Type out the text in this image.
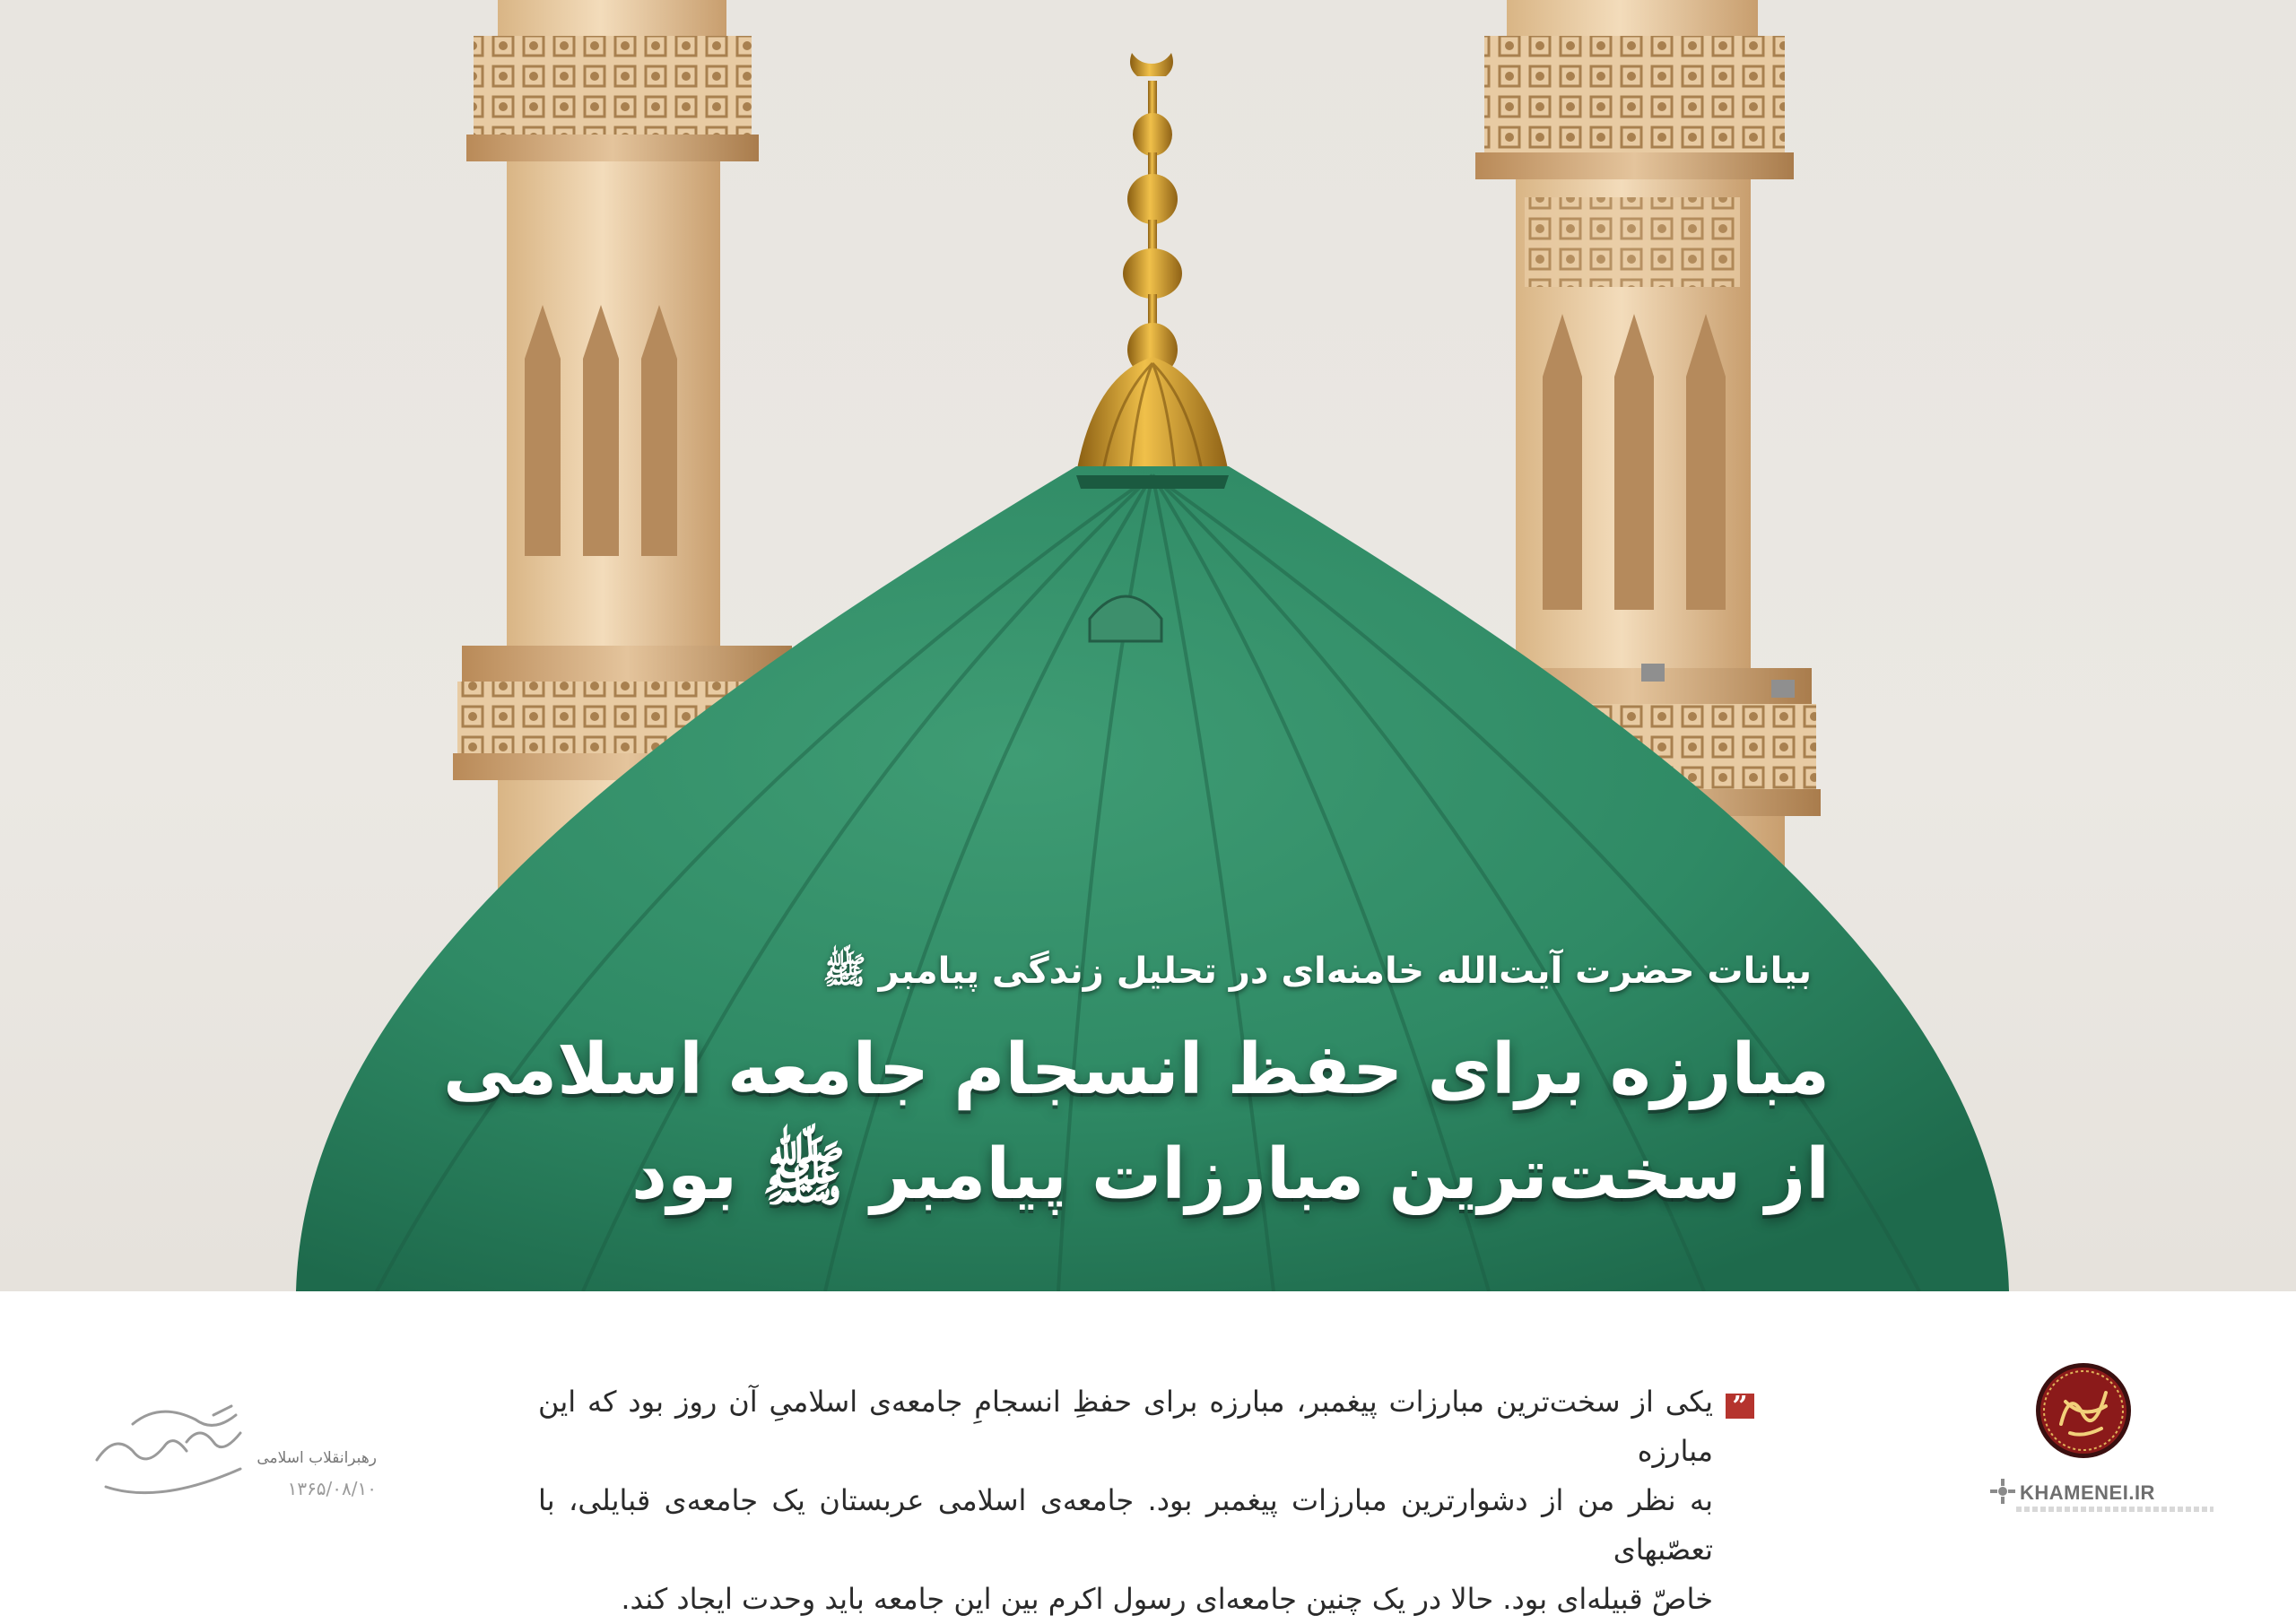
بیانات حضرت آیت‌الله خامنه‌ای در تحلیل زندگی پیامبر ﷺ
مبارزه برای حفظ انسجام جامعه اسلامی
از سخت‌ترین مبارزات پیامبر ﷺ بود
”

یکی از سخت‌ترین مبارزات پیغمبر، مبارزه برای حفظِ انسجامِ جامعه‌ی اسلامیِ آن روز بود که این مبارزه

به نظر من از دشوارترین مبارزات پیغمبر بود. جامعه‌ی اسلامی عربستان یک جامعه‌ی قبایلی، با تعصّبهای

خاصّ قبیله‌ای بود. حالا در یک چنین جامعه‌ای رسول اکرم بین این جامعه باید وحدت ایجاد کند.

رهبرانقلاب اسلامی
۱۳۶۵/۰۸/۱۰	KHAMENEI.IR
